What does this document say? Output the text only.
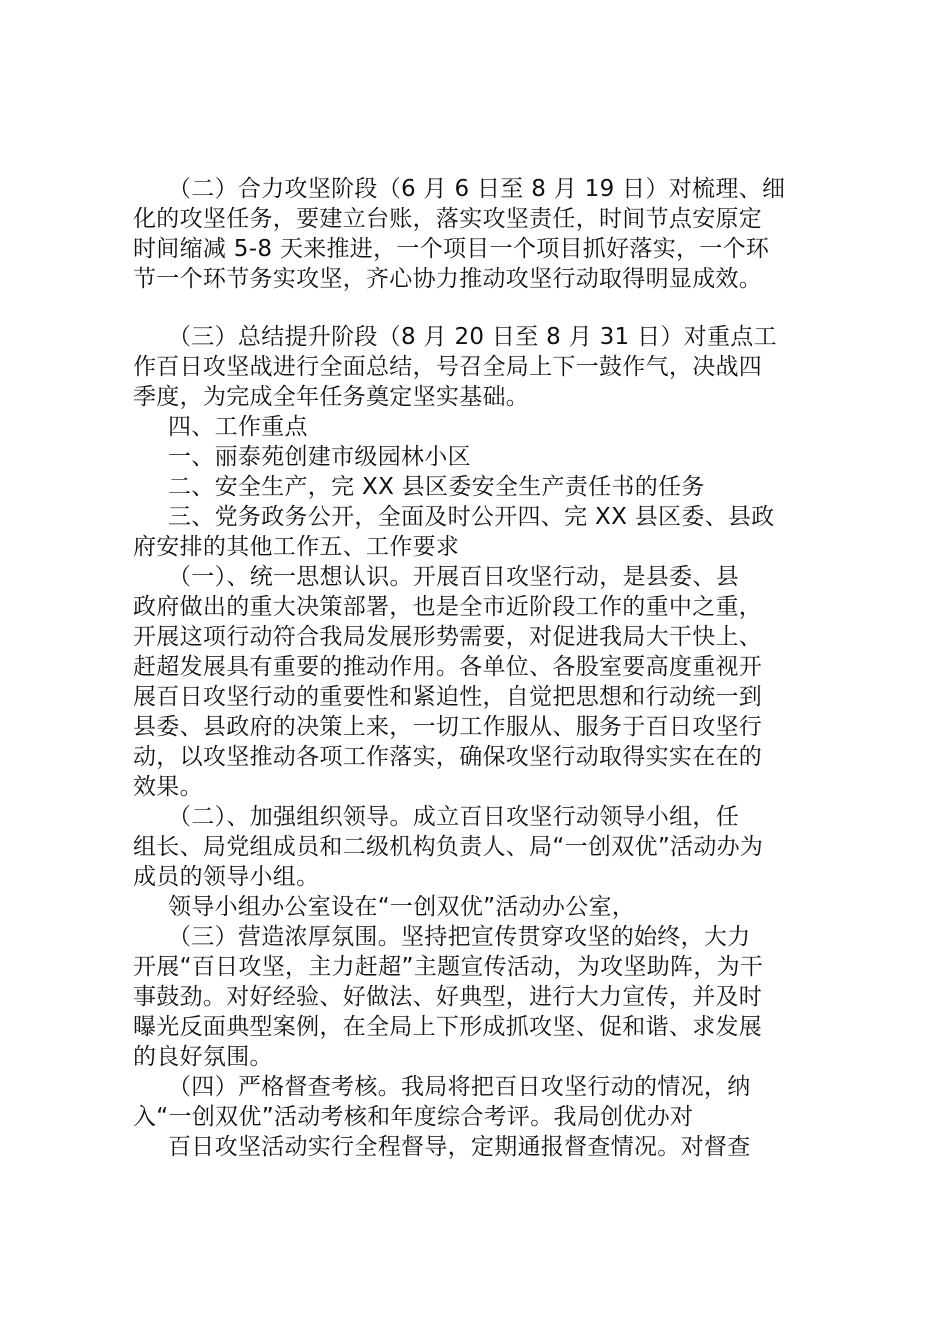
（二）合力攻坚阶段（6 月 6 日至 8 月 19 日）对梳理、细
化的攻坚任务，要建立台账，落实攻坚责任，时间节点安原定
时间缩减 5-8 天来推进，一个项目一个项目抓好落实，一个环
节一个环节务实攻坚，齐心协力推动攻坚行动取得明显成效。
（三）总结提升阶段（8 月 20 日至 8 月 31 日）对重点工
作百日攻坚战进行全面总结，号召全局上下一鼓作气，决战四
季度，为完成全年任务奠定坚实基础。
四、工作重点
一、丽泰苑创建市级园林小区
二、安全生产，完 XX 县区委安全生产责任书的任务
三、党务政务公开，全面及时公开四、完 XX 县区委、县政
府安排的其他工作五、工作要求
（一）、统一思想认识。开展百日攻坚行动，是县委、县
政府做出的重大决策部署，也是全市近阶段工作的重中之重，
开展这项行动符合我局发展形势需要，对促进我局大干快上、
赶超发展具有重要的推动作用。各单位、各股室要高度重视开
展百日攻坚行动的重要性和紧迫性，自觉把思想和行动统一到
县委、县政府的决策上来，一切工作服从、服务于百日攻坚行
动，以攻坚推动各项工作落实，确保攻坚行动取得实实在在的
效果。
（二）、加强组织领导。成立百日攻坚行动领导小组，任
组长、局党组成员和二级机构负责人、局“一创双优”活动办为
成员的领导小组。
领导小组办公室设在“一创双优”活动办公室，
（三）营造浓厚氛围。坚持把宣传贯穿攻坚的始终，大力
开展“百日攻坚，主力赶超”主题宣传活动，为攻坚助阵，为干
事鼓劲。对好经验、好做法、好典型，进行大力宣传，并及时
曝光反面典型案例，在全局上下形成抓攻坚、促和谐、求发展
的良好氛围。
（四）严格督查考核。我局将把百日攻坚行动的情况，纳
入“一创双优”活动考核和年度综合考评。我局创优办对
百日攻坚活动实行全程督导，定期通报督查情况。对督查
